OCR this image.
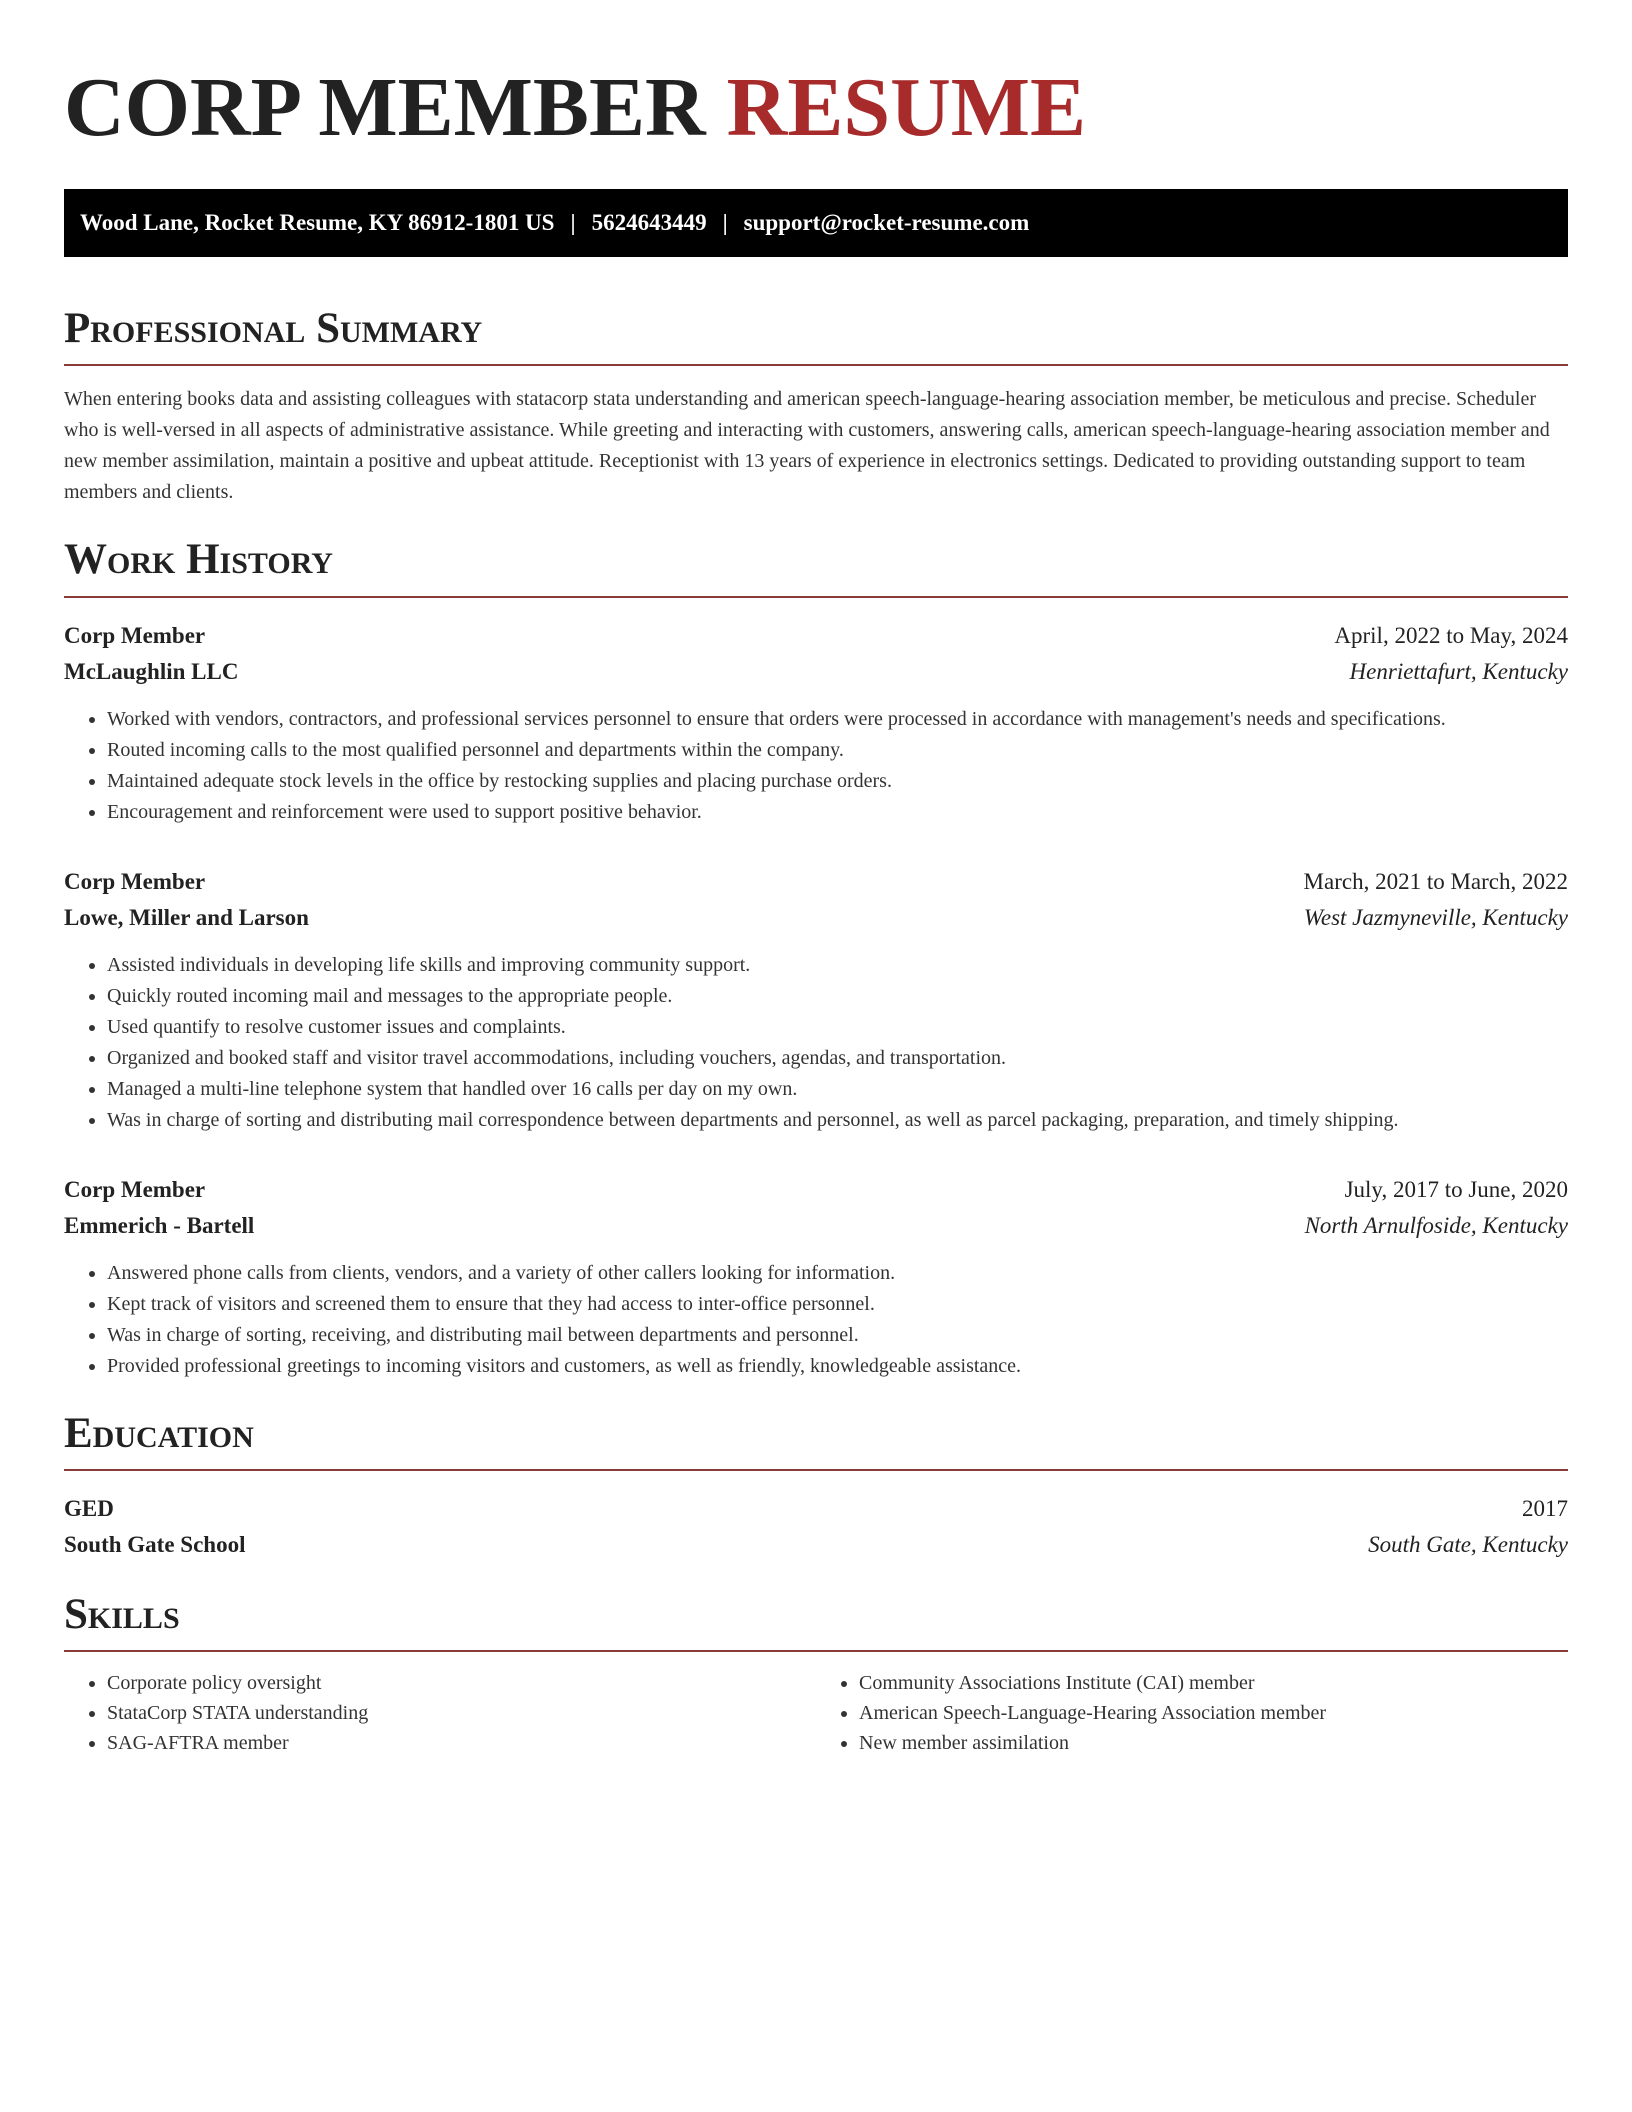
CORP MEMBER RESUME
Wood Lane, Rocket Resume, KY 86912-1801 US | 5624643449 | support@rocket-resume.com
Professional Summary

When entering books data and assisting colleagues with statacorp stata understanding and american speech-language-hearing association member, be meticulous and precise. Scheduler who is well-versed in all aspects of administrative assistance. While greeting and interacting with customers, answering calls, american speech-language-hearing association member and new member assimilation, maintain a positive and upbeat attitude. Receptionist with 13 years of experience in electronics settings. Dedicated to providing outstanding support to team members and clients.

Work History
Corp Member	April, 2022 to May, 2024
McLaughlin LLC	Henriettafurt, Kentucky
• Worked with vendors, contractors, and professional services personnel to ensure that orders were processed in accordance with management's needs and specifications.
• Routed incoming calls to the most qualified personnel and departments within the company.
• Maintained adequate stock levels in the office by restocking supplies and placing purchase orders.
• Encouragement and reinforcement were used to support positive behavior.
Corp Member	March, 2021 to March, 2022
Lowe, Miller and Larson	West Jazmyneville, Kentucky
• Assisted individuals in developing life skills and improving community support.
• Quickly routed incoming mail and messages to the appropriate people.
• Used quantify to resolve customer issues and complaints.
• Organized and booked staff and visitor travel accommodations, including vouchers, agendas, and transportation.
• Managed a multi-line telephone system that handled over 16 calls per day on my own.
• Was in charge of sorting and distributing mail correspondence between departments and personnel, as well as parcel packaging, preparation, and timely shipping.
Corp Member	July, 2017 to June, 2020
Emmerich - Bartell	North Arnulfoside, Kentucky
• Answered phone calls from clients, vendors, and a variety of other callers looking for information.
• Kept track of visitors and screened them to ensure that they had access to inter-office personnel.
• Was in charge of sorting, receiving, and distributing mail between departments and personnel.
• Provided professional greetings to incoming visitors and customers, as well as friendly, knowledgeable assistance.
Education
GED	2017
South Gate School	South Gate, Kentucky
Skills
• Corporate policy oversight
• StataCorp STATA understanding
• SAG-AFTRA member
• Community Associations Institute (CAI) member
• American Speech-Language-Hearing Association member
• New member assimilation
